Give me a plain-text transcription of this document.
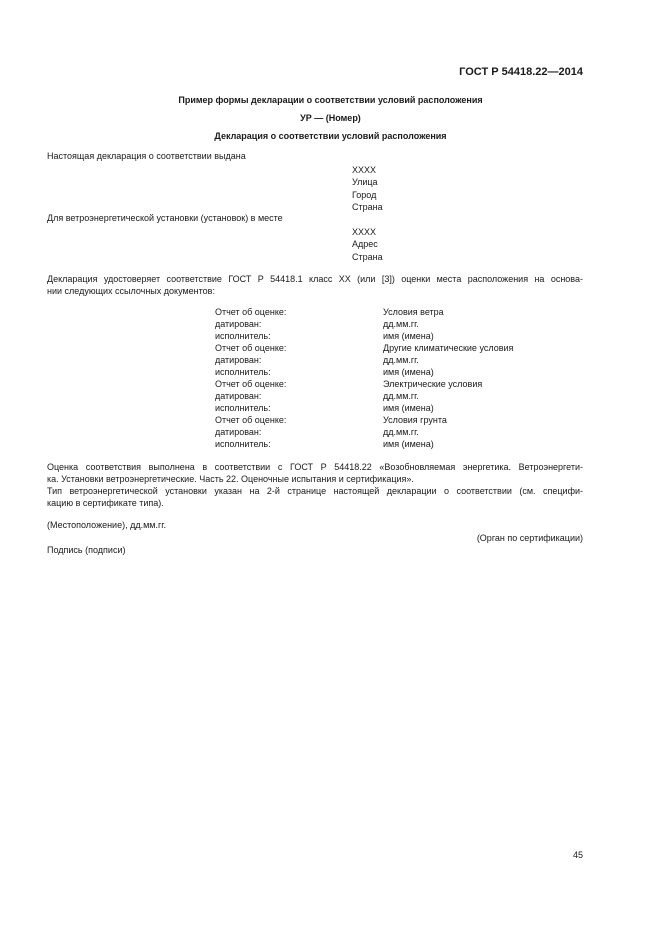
ГОСТ Р 54418.22—2014
Пример формы декларации о соответствии условий расположения
УР — (Номер)
Декларация о соответствии условий расположения
Настоящая декларация о соответствии выдана
ХХХХ
Улица
Город
Страна
Для ветроэнергетической установки (установок) в месте
ХХХХ
Адрес
Страна
Декларация удостоверяет соответствие ГОСТ Р 54418.1 класс ХХ (или [3]) оценки места расположения на основа-
нии следующих ссылочных документов:
Отчет об оценке:
датирован:
исполнитель:
Отчет об оценке:
датирован:
исполнитель:
Отчет об оценке:
датирован:
исполнитель:
Отчет об оценке:
датирован:
исполнитель:
Условия ветра
дд.мм.гг.
имя (имена)
Другие климатические условия
дд.мм.гг.
имя (имена)
Электрические условия
дд.мм.гг.
имя (имена)
Условия грунта
дд.мм.гг.
имя (имена)
Оценка соответствия выполнена в соответствии с ГОСТ Р 54418.22 «Возобновляемая энергетика. Ветроэнергети-
ка. Установки ветроэнергетические. Часть 22. Оценочные испытания и сертификация».
Тип ветроэнергетической установки указан на 2-й странице настоящей декларации о соответствии (см. специфи-
кацию в сертификате типа).
(Местоположение), дд.мм.гг.
(Орган по сертификации)
Подпись (подписи)
45
